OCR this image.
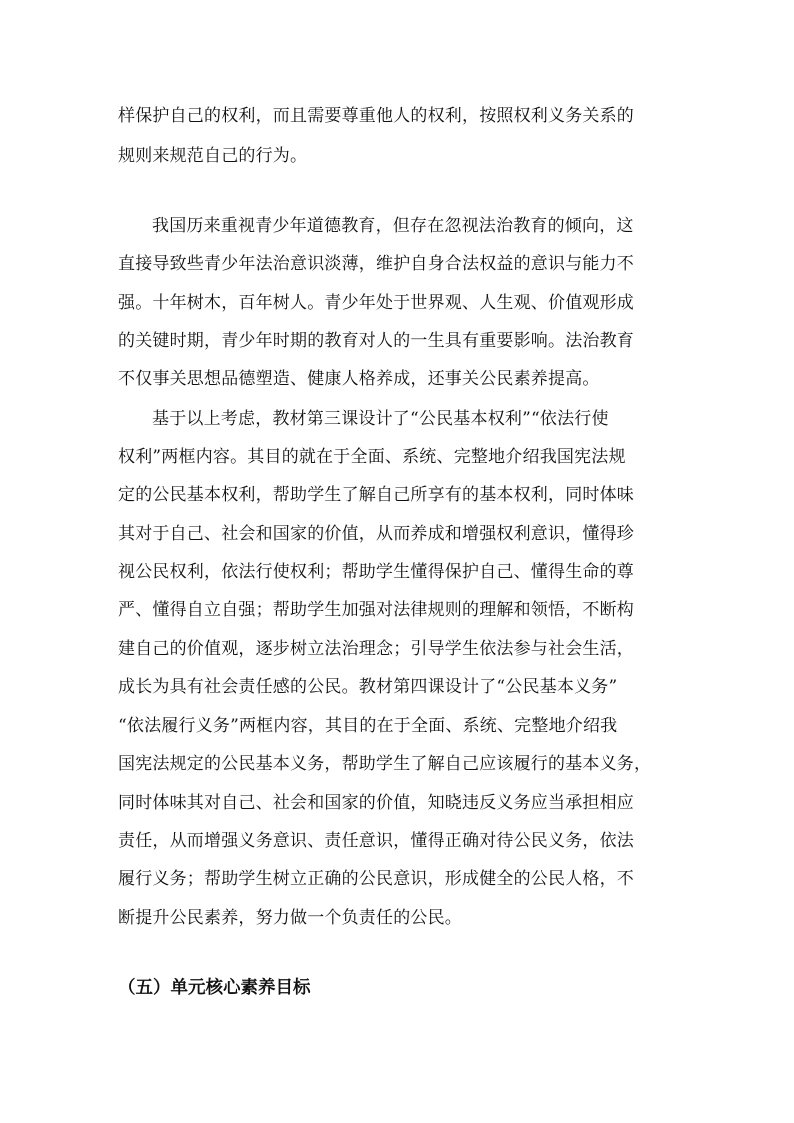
样保护自己的权利，而且需要尊重他人的权利，按照权利义务关系的
规则来规范自己的行为。
我国历来重视青少年道德教育，但存在忽视法治教育的倾向，这
直接导致些青少年法治意识淡薄，维护自身合法权益的意识与能力不
强。十年树木，百年树人。青少年处于世界观、人生观、价值观形成
的关键时期，青少年时期的教育对人的一生具有重要影响。法治教育
不仅事关思想品德塑造、健康人格养成，还事关公民素养提高。
基于以上考虑，教材第三课设计了“公民基本权利”“依法行使
权利”两框内容。其目的就在于全面、系统、完整地介绍我国宪法规
定的公民基本权利，帮助学生了解自己所享有的基本权利，同时体味
其对于自己、社会和国家的价值，从而养成和增强权利意识，懂得珍
视公民权利，依法行使权利；帮助学生懂得保护自己、懂得生命的尊
严、懂得自立自强；帮助学生加强对法律规则的理解和领悟，不断构
建自己的价值观，逐步树立法治理念；引导学生依法参与社会生活，
成长为具有社会责任感的公民。教材第四课设计了“公民基本义务”
“依法履行义务”两框内容，其目的在于全面、系统、完整地介绍我
国宪法规定的公民基本义务，帮助学生了解自己应该履行的基本义务，
同时体味其对自己、社会和国家的价值，知晓违反义务应当承担相应
责任，从而增强义务意识、责任意识，懂得正确对待公民义务，依法
履行义务；帮助学生树立正确的公民意识，形成健全的公民人格，不
断提升公民素养，努力做一个负责任的公民。
（五）单元核心素养目标
